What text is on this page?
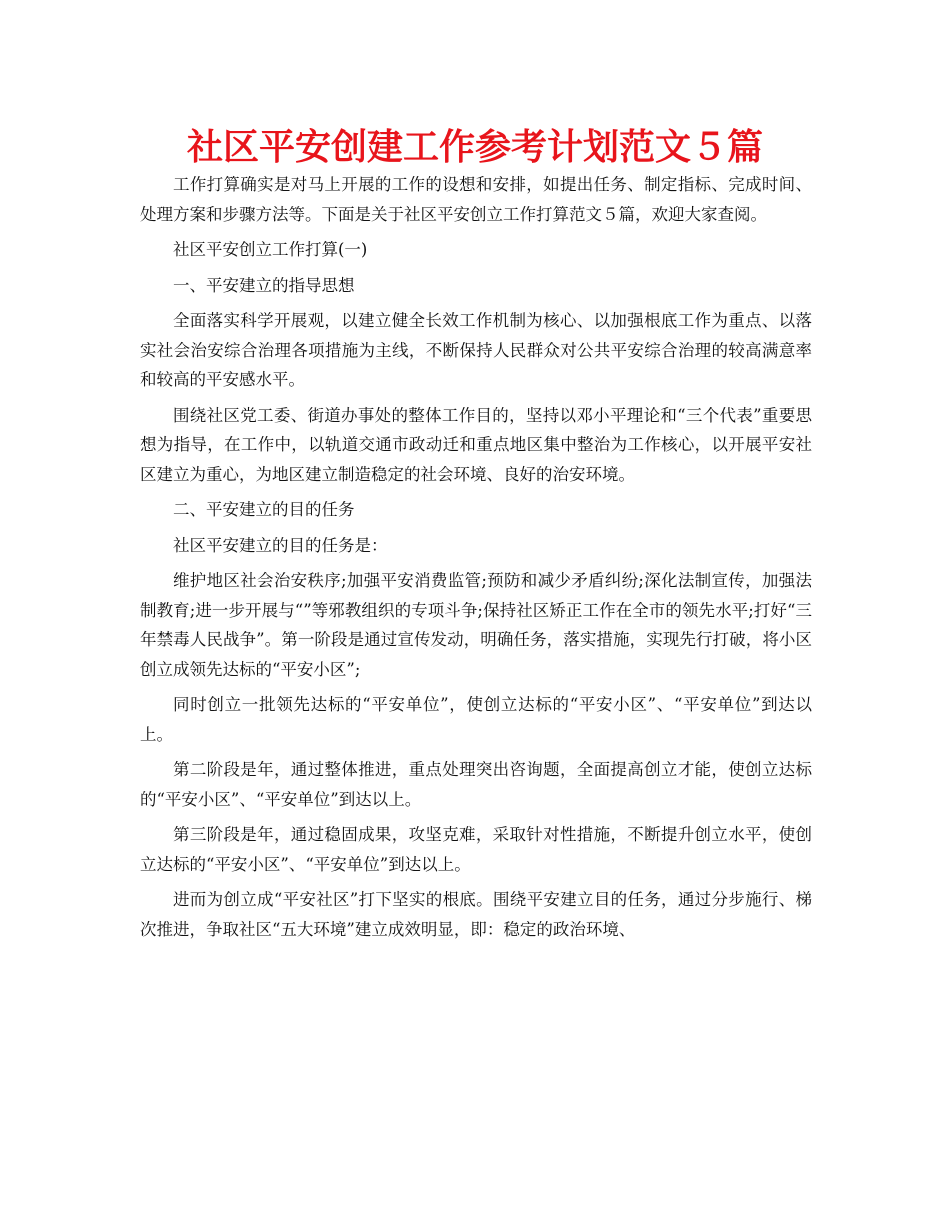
社区平安创建工作参考计划范文５篇

工作打算确实是对马上开展的工作的设想和安排，如提出任务、制定指标、完成时间、处理方案和步骤方法等。下面是关于社区平安创立工作打算范文５篇，欢迎大家查阅。

社区平安创立工作打算(一)

一、平安建立的指导思想

全面落实科学开展观，以建立健全长效工作机制为核心、以加强根底工作为重点、以落实社会治安综合治理各项措施为主线，不断保持人民群众对公共平安综合治理的较高满意率和较高的平安感水平。

围绕社区党工委、街道办事处的整体工作目的，坚持以邓小平理论和“三个代表”重要思想为指导，在工作中，以轨道交通市政动迁和重点地区集中整治为工作核心，以开展平安社区建立为重心，为地区建立制造稳定的社会环境、良好的治安环境。

二、平安建立的目的任务

社区平安建立的目的任务是：

维护地区社会治安秩序;加强平安消费监管;预防和减少矛盾纠纷;深化法制宣传，加强法制教育;进一步开展与“”等邪教组织的专项斗争;保持社区矫正工作在全市的领先水平;打好“三年禁毒人民战争”。第一阶段是通过宣传发动，明确任务，落实措施，实现先行打破，将小区创立成领先达标的“平安小区”;

同时创立一批领先达标的“平安单位”，使创立达标的“平安小区”、“平安单位”到达以上。

第二阶段是年，通过整体推进，重点处理突出咨询题，全面提高创立才能，使创立达标的“平安小区”、“平安单位”到达以上。

第三阶段是年，通过稳固成果，攻坚克难，采取针对性措施，不断提升创立水平，使创立达标的“平安小区”、“平安单位”到达以上。

进而为创立成“平安社区”打下坚实的根底。围绕平安建立目的任务，通过分步施行、梯次推进，争取社区“五大环境”建立成效明显，即：稳定的政治环境、
